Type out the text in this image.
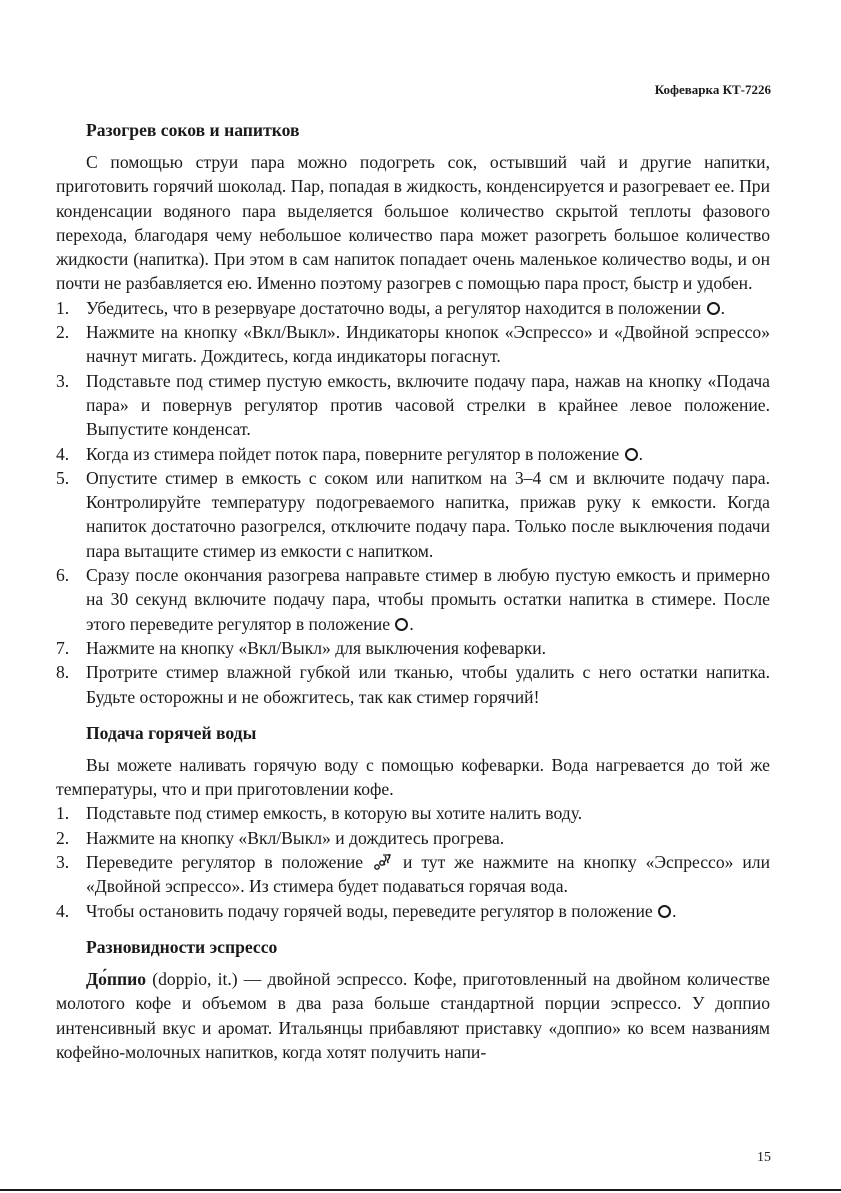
Кофеварка КТ-7226
Разогрев соков и напитков

С помощью струи пара можно подогреть сок, остывший чай и другие напитки, приготовить горячий шоколад. Пар, попадая в жидкость, конденсируется и разогревает ее. При конденсации водяного пара выделяется большое количество скрытой теплоты фазового перехода, благодаря чему небольшое количество пара может разогреть большое количество жидкости (напитка). При этом в сам напиток попадает очень маленькое количество воды, и он почти не разбавляется ею. Именно поэтому разогрев с помощью пара прост, быстр и удобен.

1. Убедитесь, что в резервуаре достаточно воды, а регулятор находится в положении .
2. Нажмите на кнопку «Вкл/Выкл». Индикаторы кнопок «Эспрессо» и «Двойной эспрессо» начнут мигать. Дождитесь, когда индикаторы погаснут.
3. Подставьте под стимер пустую емкость, включите подачу пара, нажав на кнопку «Подача пара» и повернув регулятор против часовой стрелки в крайнее левое положение. Выпустите конденсат.
4. Когда из стимера пойдет поток пара, поверните регулятор в положение .
5. Опустите стимер в емкость с соком или напитком на 3–4 см и включите подачу пара. Контролируйте температуру подогреваемого напитка, прижав руку к емкости. Когда напиток достаточно разогрелся, отключите подачу пара. Только после выключения подачи пара вытащите стимер из емкости с напитком.
6. Сразу после окончания разогрева направьте стимер в любую пустую емкость и примерно на 30 секунд включите подачу пара, чтобы промыть остатки напитка в стимере. После этого переведите регулятор в положение .
7. Нажмите на кнопку «Вкл/Выкл» для выключения кофеварки.
8. Протрите стимер влажной губкой или тканью, чтобы удалить с него остатки напитка. Будьте осторожны и не обожгитесь, так как стимер горячий!
Подача горячей воды

Вы можете наливать горячую воду с помощью кофеварки. Вода нагревается до той же температуры, что и при приготовлении кофе.

1. Подставьте под стимер емкость, в которую вы хотите налить воду.
2. Нажмите на кнопку «Вкл/Выкл» и дождитесь прогрева.
3. Переведите регулятор в положение  и тут же нажмите на кнопку «Эспрессо» или «Двойной эспрессо». Из стимера будет подаваться горячая вода.
4. Чтобы остановить подачу горячей воды, переведите регулятор в положение .
Разновидности эспрессо

До́ппио (doppio, it.) — двойной эспрессо. Кофе, приготовленный на двойном количестве молотого кофе и объемом в два раза больше стандартной порции эспрессо. У доппио интенсивный вкус и аромат. Итальянцы прибавляют приставку «доппио» ко всем названиям кофейно-молочных напитков, когда хотят получить напи-

15
